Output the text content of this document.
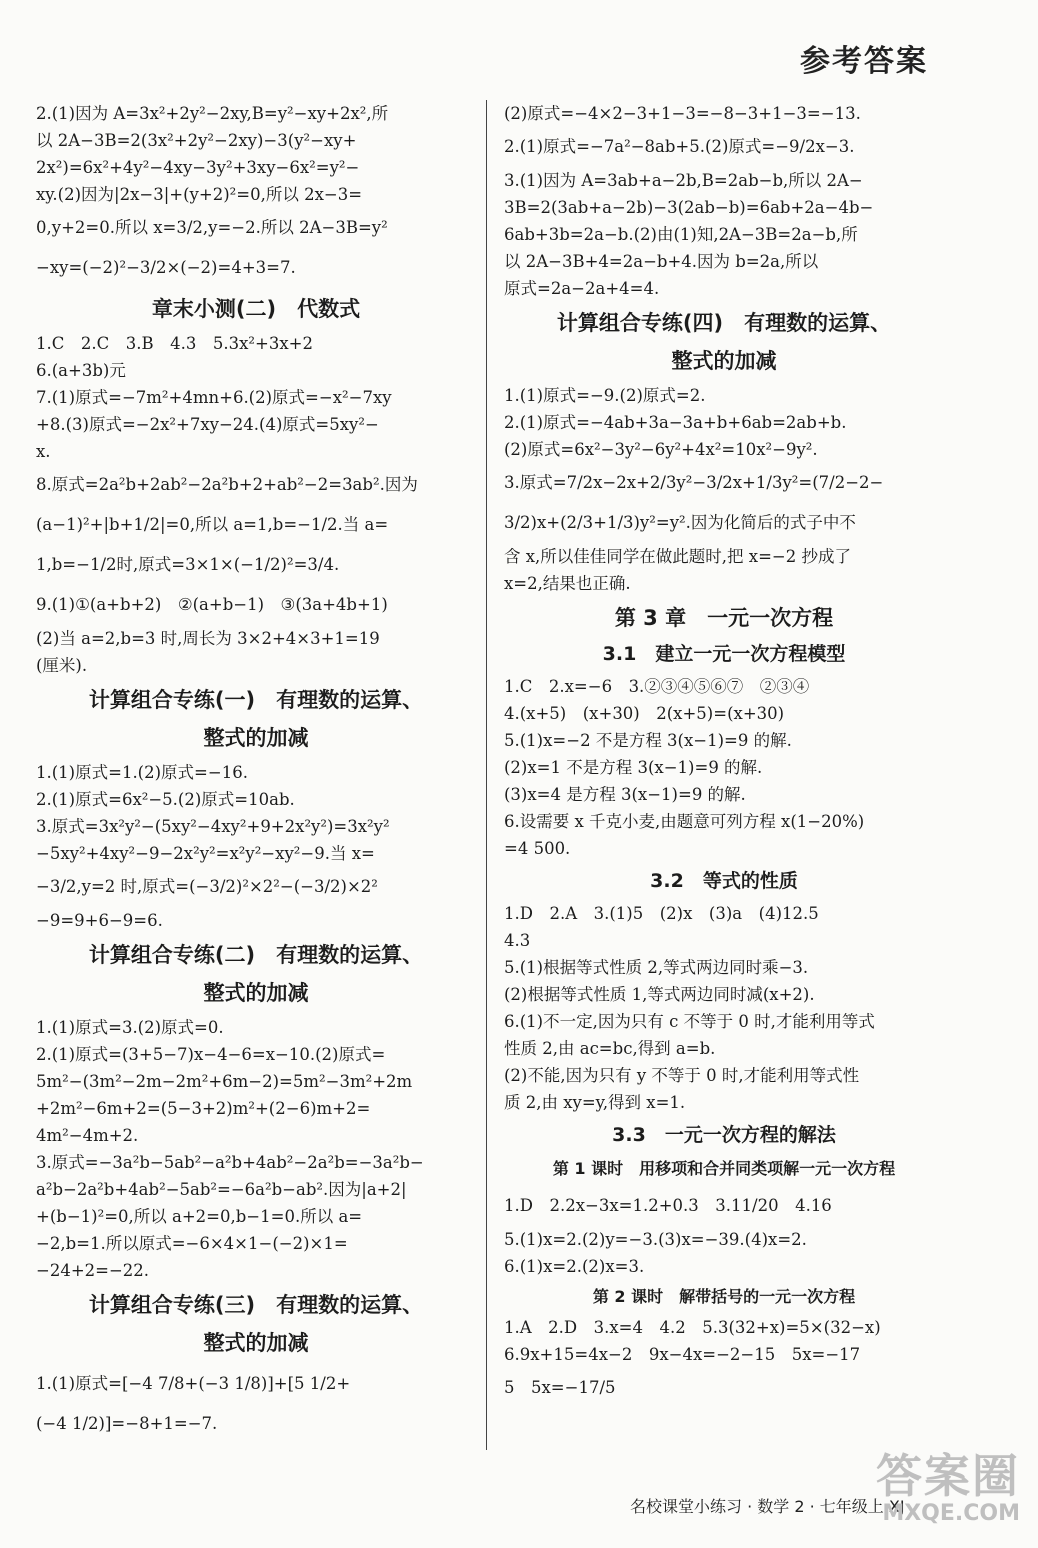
参考答案
2.(1)因为 A=3x²+2y²−2xy,B=y²−xy+2x²,所
以 2A−3B=2(3x²+2y²−2xy)−3(y²−xy+
2x²)=6x²+4y²−4xy−3y²+3xy−6x²=y²−
xy.(2)因为|2x−3|+(y+2)²=0,所以 2x−3=
0,y+2=0.所以 x=3/2,y=−2.所以 2A−3B=y²
−xy=(−2)²−3/2×(−2)=4+3=7.
章末小测(二)　代数式
1.C　2.C　3.B　4.3　5.3x²+3x+2
6.(a+3b)元
7.(1)原式=−7m²+4mn+6.(2)原式=−x²−7xy
+8.(3)原式=−2x²+7xy−24.(4)原式=5xy²−
x.
8.原式=2a²b+2ab²−2a²b+2+ab²−2=3ab².因为
(a−1)²+|b+1/2|=0,所以 a=1,b=−1/2.当 a=
1,b=−1/2时,原式=3×1×(−1/2)²=3/4.
9.(1)①(a+b+2)　②(a+b−1)　③(3a+4b+1)
(2)当 a=2,b=3 时,周长为 3×2+4×3+1=19
(厘米).
计算组合专练(一)　有理数的运算、
整式的加减
1.(1)原式=1.(2)原式=−16.
2.(1)原式=6x²−5.(2)原式=10ab.
3.原式=3x²y²−(5xy²−4xy²+9+2x²y²)=3x²y²
−5xy²+4xy²−9−2x²y²=x²y²−xy²−9.当 x=
−3/2,y=2 时,原式=(−3/2)²×2²−(−3/2)×2²
−9=9+6−9=6.
计算组合专练(二)　有理数的运算、
整式的加减
1.(1)原式=3.(2)原式=0.
2.(1)原式=(3+5−7)x−4−6=x−10.(2)原式=
5m²−(3m²−2m−2m²+6m−2)=5m²−3m²+2m
+2m²−6m+2=(5−3+2)m²+(2−6)m+2=
4m²−4m+2.
3.原式=−3a²b−5ab²−a²b+4ab²−2a²b=−3a²b−
a²b−2a²b+4ab²−5ab²=−6a²b−ab².因为|a+2|
+(b−1)²=0,所以 a+2=0,b−1=0.所以 a=
−2,b=1.所以原式=−6×4×1−(−2)×1=
−24+2=−22.
计算组合专练(三)　有理数的运算、
整式的加减
1.(1)原式=[−4 7/8+(−3 1/8)]+[5 1/2+
(−4 1/2)]=−8+1=−7.
(2)原式=−4×2−3+1−3=−8−3+1−3=−13.
2.(1)原式=−7a²−8ab+5.(2)原式=−9/2x−3.
3.(1)因为 A=3ab+a−2b,B=2ab−b,所以 2A−
3B=2(3ab+a−2b)−3(2ab−b)=6ab+2a−4b−
6ab+3b=2a−b.(2)由(1)知,2A−3B=2a−b,所
以 2A−3B+4=2a−b+4.因为 b=2a,所以
原式=2a−2a+4=4.
计算组合专练(四)　有理数的运算、
整式的加减
1.(1)原式=−9.(2)原式=2.
2.(1)原式=−4ab+3a−3a+b+6ab=2ab+b.
(2)原式=6x²−3y²−6y²+4x²=10x²−9y².
3.原式=7/2x−2x+2/3y²−3/2x+1/3y²=(7/2−2−
3/2)x+(2/3+1/3)y²=y².因为化简后的式子中不
含 x,所以佳佳同学在做此题时,把 x=−2 抄成了
x=2,结果也正确.
第 3 章　一元一次方程
3.1　建立一元一次方程模型
1.C　2.x=−6　3.②③④⑤⑥⑦　②③④
4.(x+5)　(x+30)　2(x+5)=(x+30)
5.(1)x=−2 不是方程 3(x−1)=9 的解.
(2)x=1 不是方程 3(x−1)=9 的解.
(3)x=4 是方程 3(x−1)=9 的解.
6.设需要 x 千克小麦,由题意可列方程 x(1−20%)
=4 500.
3.2　等式的性质
1.D　2.A　3.(1)5　(2)x　(3)a　(4)12.5
4.3
5.(1)根据等式性质 2,等式两边同时乘−3.
(2)根据等式性质 1,等式两边同时减(x+2).
6.(1)不一定,因为只有 c 不等于 0 时,才能利用等式
性质 2,由 ac=bc,得到 a=b.
(2)不能,因为只有 y 不等于 0 时,才能利用等式性
质 2,由 xy=y,得到 x=1.
3.3　一元一次方程的解法
第 1 课时　用移项和合并同类项解一元一次方程
1.D　2.2x−3x=1.2+0.3　3.11/20　4.16
5.(1)x=2.(2)y=−3.(3)x=−39.(4)x=2.
6.(1)x=2.(2)x=3.
第 2 课时　解带括号的一元一次方程
1.A　2.D　3.x=4　4.2　5.3(32+x)=5×(32−x)
6.9x+15=4x−2　9x−4x=−2−15　5x=−17
5　5x=−17/5
名校课堂小练习 · 数学 2 · 七年级上 XJ
答案圈
MXQE.COM
